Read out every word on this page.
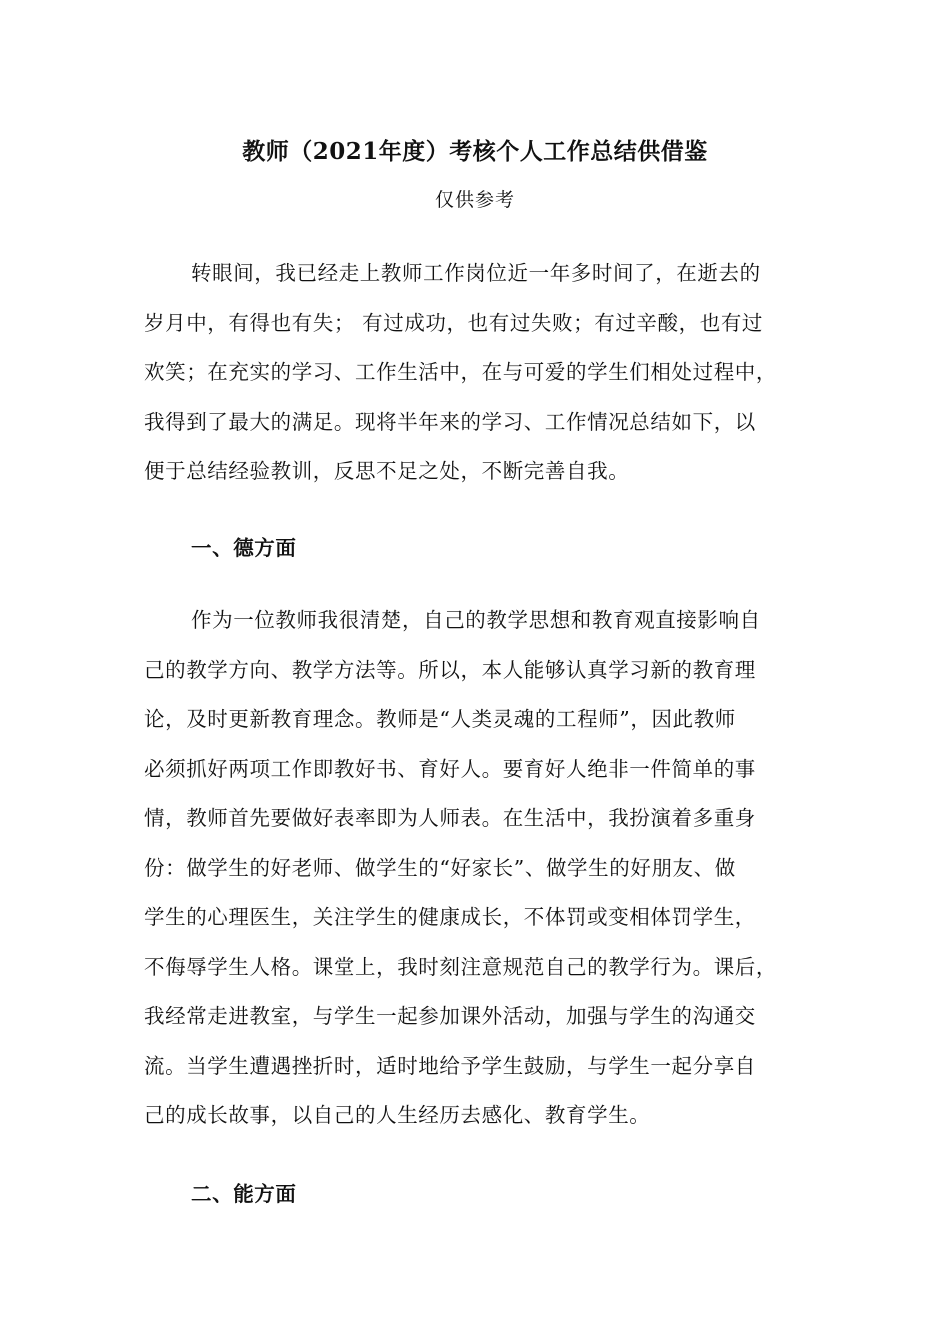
教师（2021年度）考核个人工作总结供借鉴
仅供参考
转眼间，我已经走上教师工作岗位近一年多时间了，在逝去的
岁月中，有得也有失； 有过成功，也有过失败；有过辛酸，也有过
欢笑；在充实的学习、工作生活中，在与可爱的学生们相处过程中，
我得到了最大的满足。现将半年来的学习、工作情况总结如下，以
便于总结经验教训，反思不足之处，不断完善自我。
一、德方面
作为一位教师我很清楚，自己的教学思想和教育观直接影响自
己的教学方向、教学方法等。所以，本人能够认真学习新的教育理
论，及时更新教育理念。教师是“人类灵魂的工程师”，因此教师
必须抓好两项工作即教好书、育好人。要育好人绝非一件简单的事
情，教师首先要做好表率即为人师表。在生活中，我扮演着多重身
份：做学生的好老师、做学生的“好家长”、做学生的好朋友、做
学生的心理医生，关注学生的健康成长，不体罚或变相体罚学生，
不侮辱学生人格。课堂上，我时刻注意规范自己的教学行为。课后，
我经常走进教室，与学生一起参加课外活动，加强与学生的沟通交
流。当学生遭遇挫折时，适时地给予学生鼓励，与学生一起分享自
己的成长故事，以自己的人生经历去感化、教育学生。
二、能方面
